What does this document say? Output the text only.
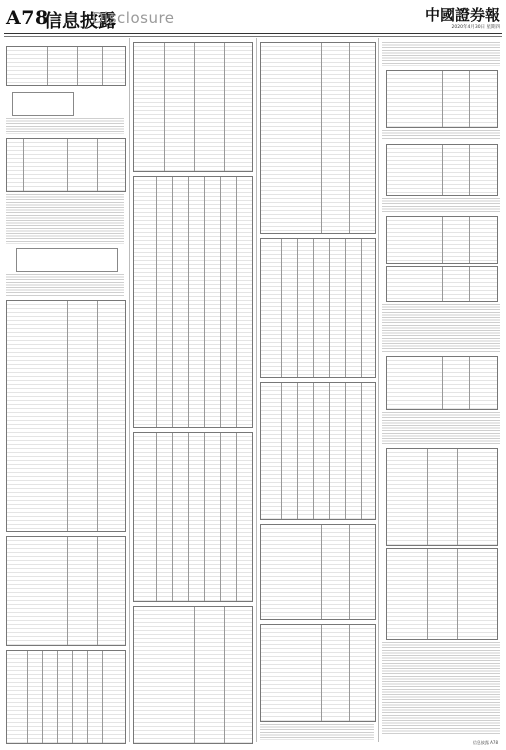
A78
信息披露
Disclosure	中國證券報
2020年4月30日 星期四
信息披露 A78
